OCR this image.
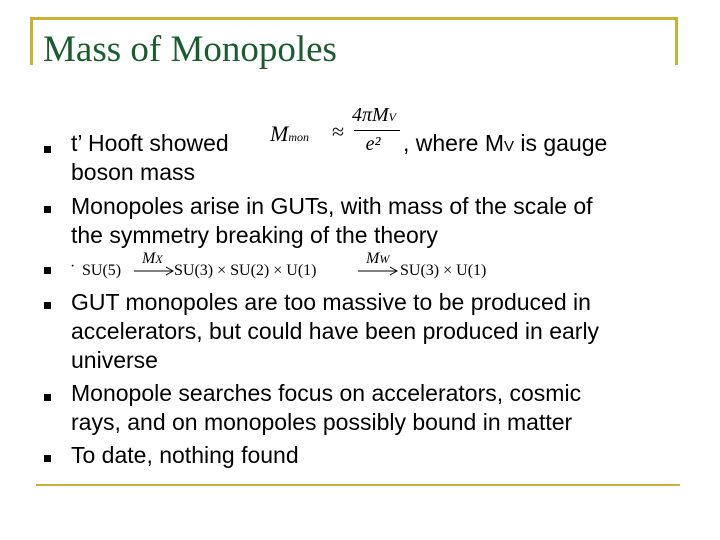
Mass of Monopoles
t’ Hooft showed Mmon ≈
4πMV
e² , where MV is gauge
boson mass
Monopoles arise in GUTs, with mass of the scale of
the symmetry breaking of the theory
· SU(5)
MX
SU(3) × SU(2) × U(1)
MW
SU(3) × U(1)
GUT monopoles are too massive to be produced in
accelerators, but could have been produced in early
universe
Monopole searches focus on accelerators, cosmic
rays, and on monopoles possibly bound in matter
To date, nothing found
